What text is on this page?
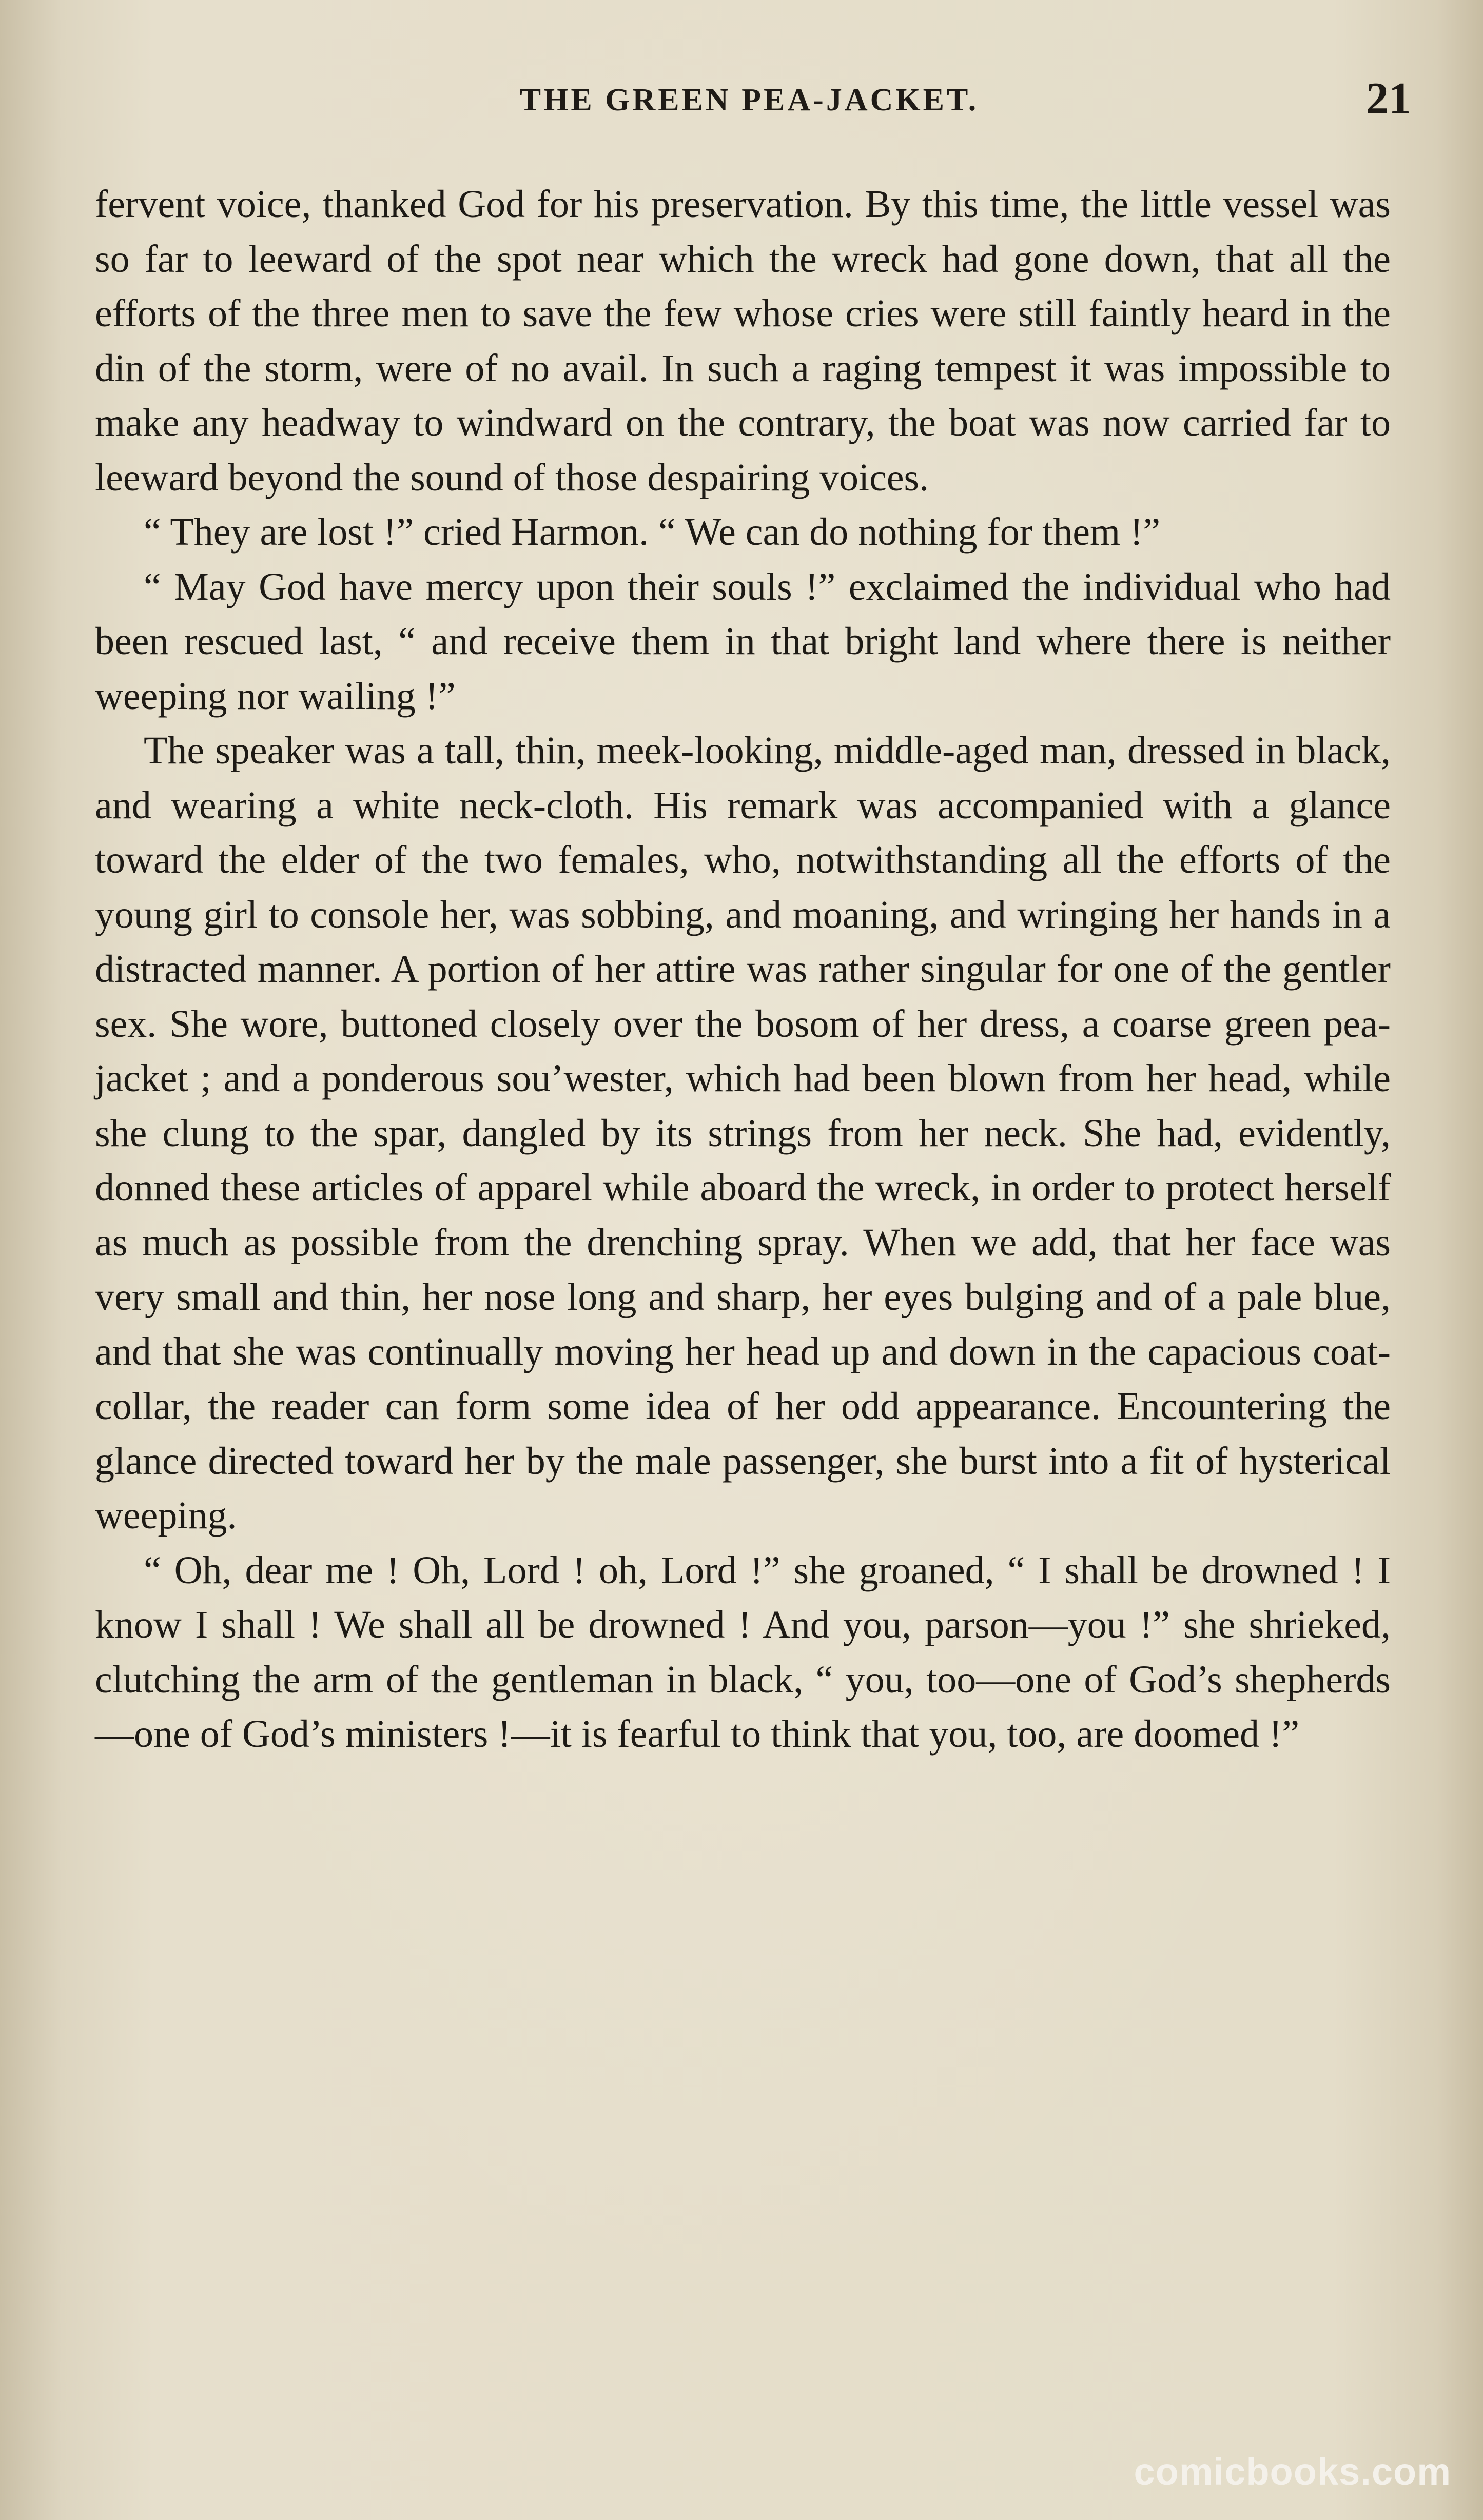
THE GREEN PEA-JACKET.	21

fervent voice, thanked God for his preservation. By this time, the little vessel was so far to leeward of the spot near which the wreck had gone down, that all the efforts of the three men to save the few whose cries were still faintly heard in the din of the storm, were of no avail. In such a raging tempest it was impossible to make any headway to windward on the contrary, the boat was now carried far to leeward beyond the sound of those despairing voices.

“ They are lost !” cried Harmon. “ We can do nothing for them !”

“ May God have mercy upon their souls !” exclaimed the individual who had been rescued last, “ and receive them in that bright land where there is neither weeping nor wailing !”

The speaker was a tall, thin, meek-looking, middle-aged man, dressed in black, and wearing a white neck-cloth. His remark was accompanied with a glance toward the elder of the two females, who, notwithstanding all the efforts of the young girl to console her, was sobbing, and moaning, and wringing her hands in a distracted manner. A portion of her attire was rather singular for one of the gentler sex. She wore, buttoned closely over the bosom of her dress, a coarse green pea-jacket ; and a ponderous sou’wester, which had been blown from her head, while she clung to the spar, dangled by its strings from her neck. She had, evidently, donned these articles of apparel while aboard the wreck, in order to protect herself as much as possible from the drenching spray. When we add, that her face was very small and thin, her nose long and sharp, her eyes bulging and of a pale blue, and that she was continually moving her head up and down in the capacious coat-collar, the reader can form some idea of her odd appearance. Encountering the glance directed toward her by the male passenger, she burst into a fit of hysterical weeping.

“ Oh, dear me ! Oh, Lord ! oh, Lord !” she groaned, “ I shall be drowned ! I know I shall ! We shall all be drowned ! And you, parson—you !” she shrieked, clutching the arm of the gentleman in black, “ you, too—one of God’s shepherds —one of God’s ministers !—it is fearful to think that you, too, are doomed !”

comicbooks.com
